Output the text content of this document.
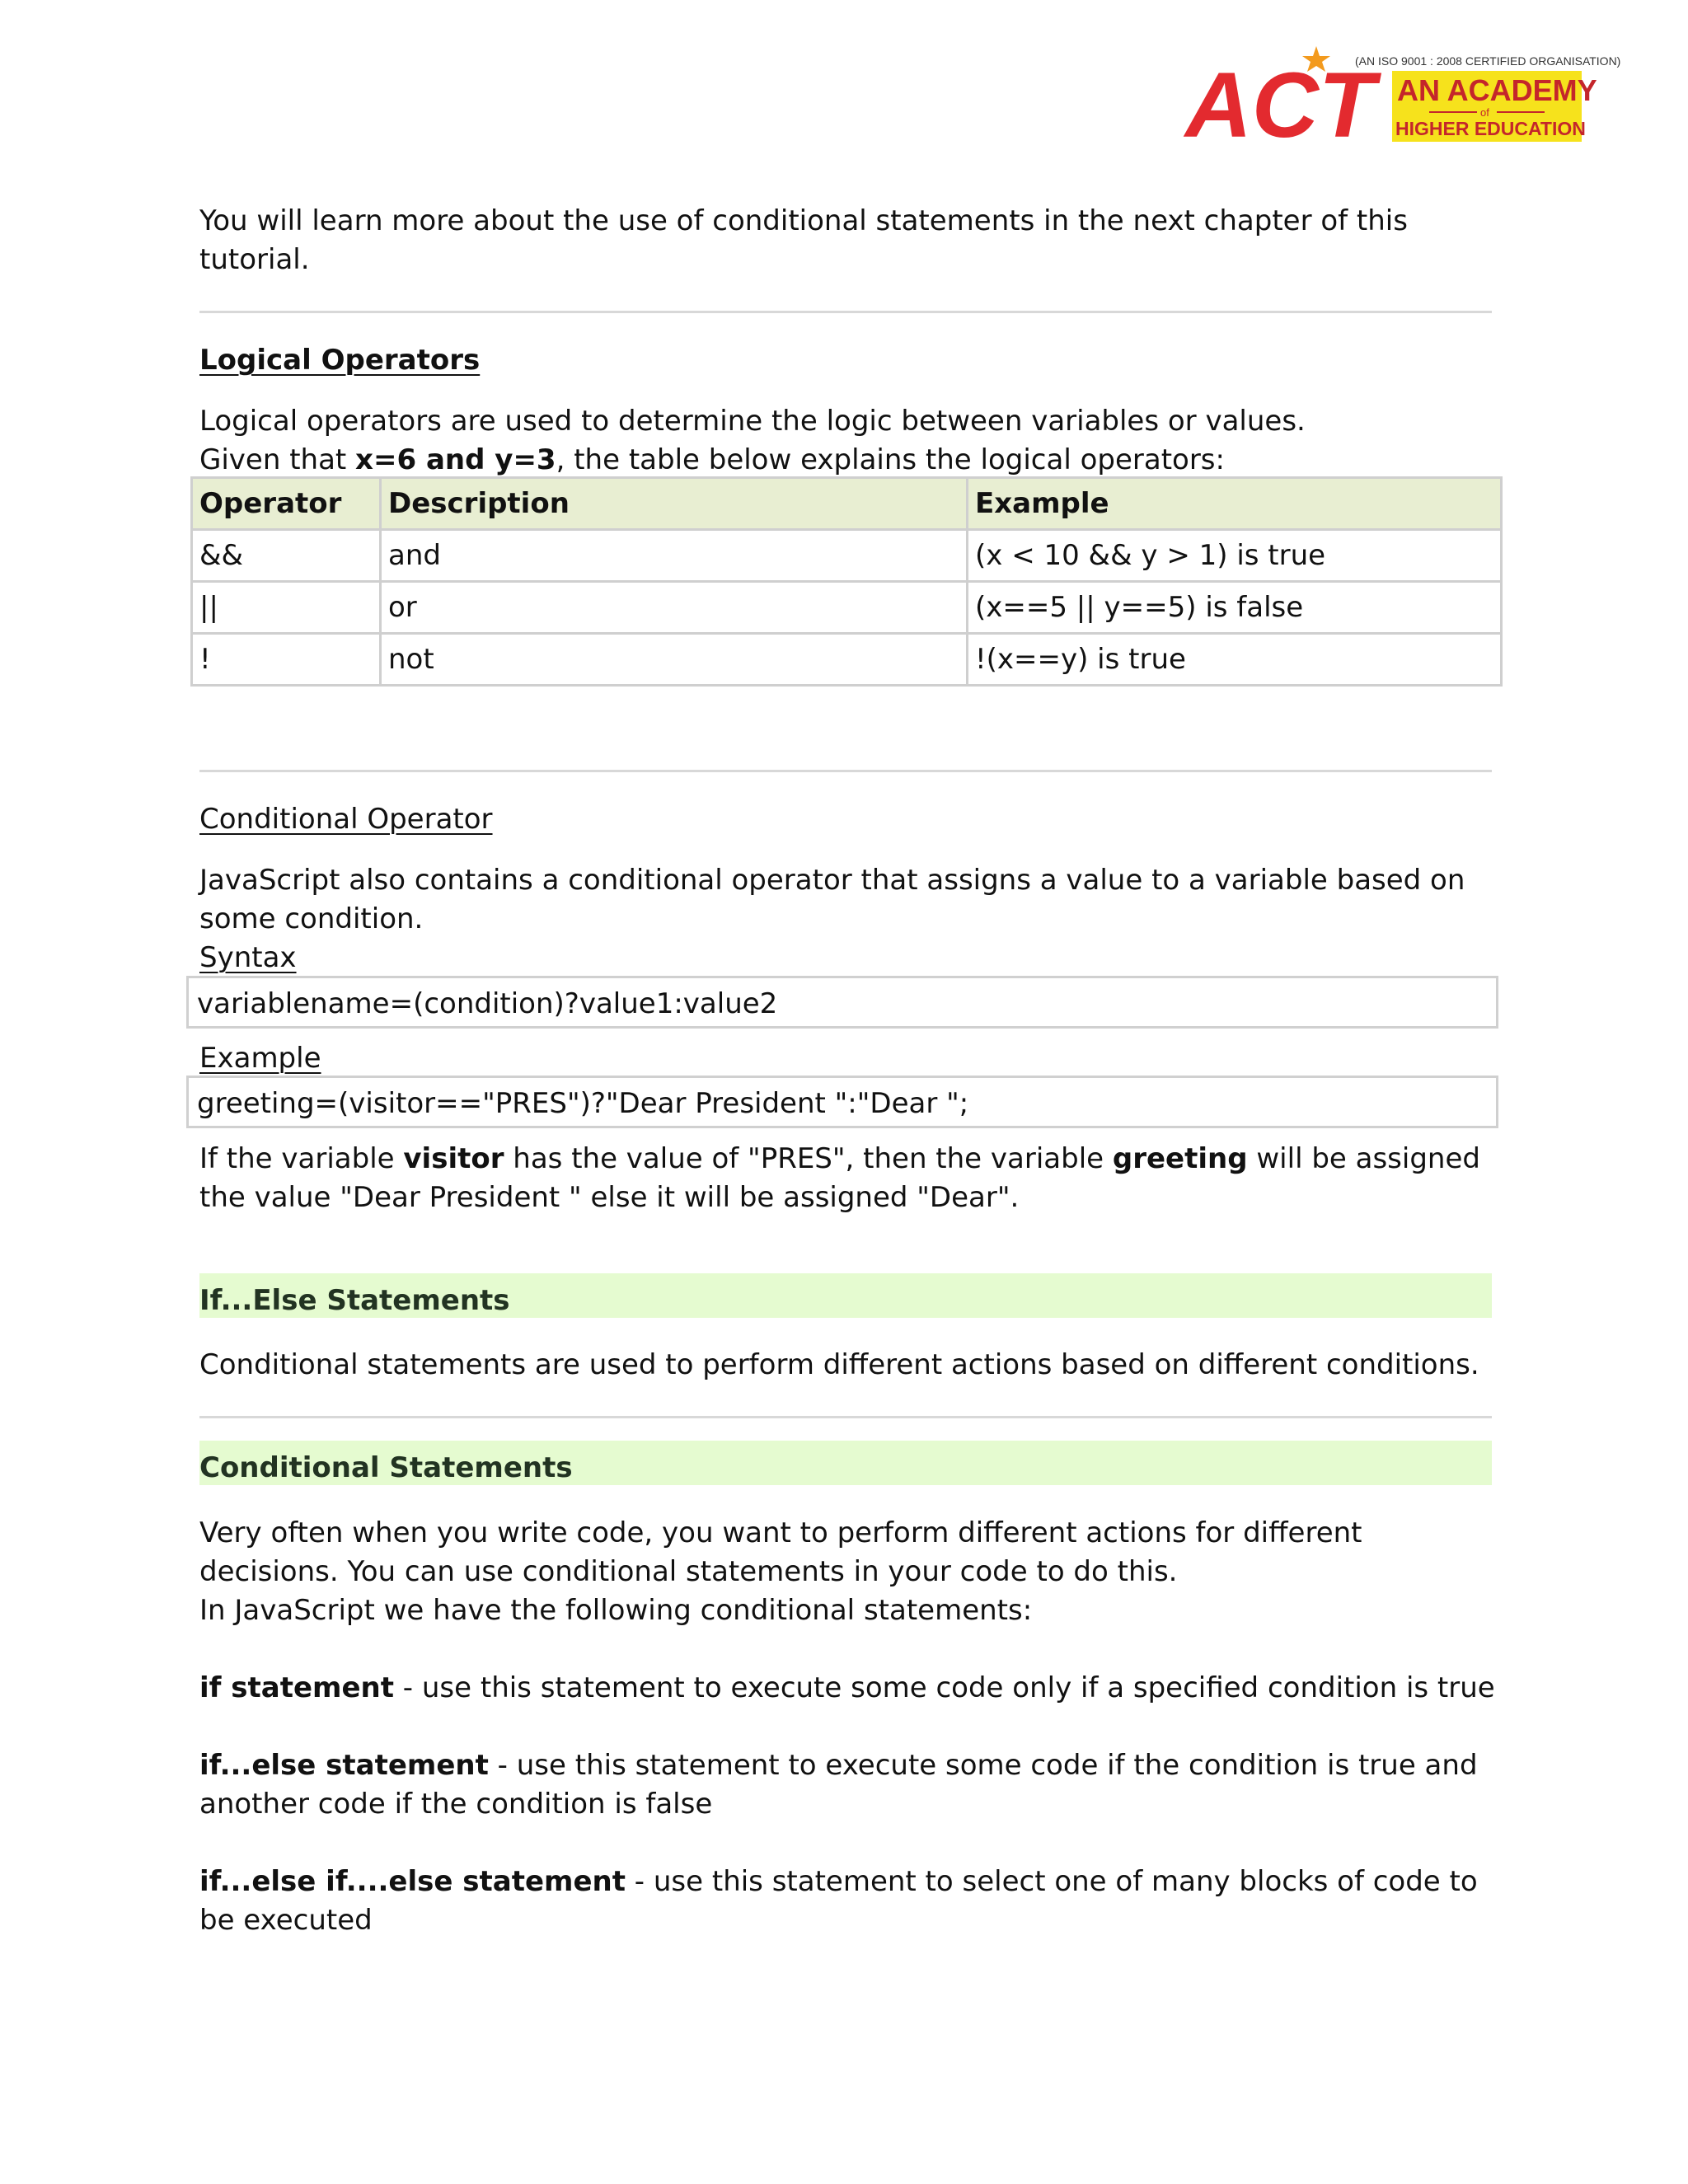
(AN ISO 9001 : 2008 CERTIFIED ORGANISATION)
ACT AN ACADEMY
of
HIGHER EDUCATION
You will learn more about the use of conditional statements in the next chapter of this
tutorial.
Logical Operators
Logical operators are used to determine the logic between variables or values.
Given that x=6 and y=3, the table below explains the logical operators:
Operator	Description	Example
&&	and	(x < 10 && y > 1) is true
||	or	(x==5 || y==5) is false
!	not	!(x==y) is true
Conditional Operator
JavaScript also contains a conditional operator that assigns a value to a variable based on
some condition.
Syntax
variablename=(condition)?value1:value2
Example
greeting=(visitor=="PRES")?"Dear President ":"Dear ";
If the variable visitor has the value of "PRES", then the variable greeting will be assigned
the value "Dear President " else it will be assigned "Dear".
If...Else Statements
Conditional statements are used to perform different actions based on different conditions.
Conditional Statements
Very often when you write code, you want to perform different actions for different
decisions. You can use conditional statements in your code to do this.
In JavaScript we have the following conditional statements:
if statement - use this statement to execute some code only if a specified condition is true
if...else statement - use this statement to execute some code if the condition is true and
another code if the condition is false
if...else if....else statement - use this statement to select one of many blocks of code to
be executed
